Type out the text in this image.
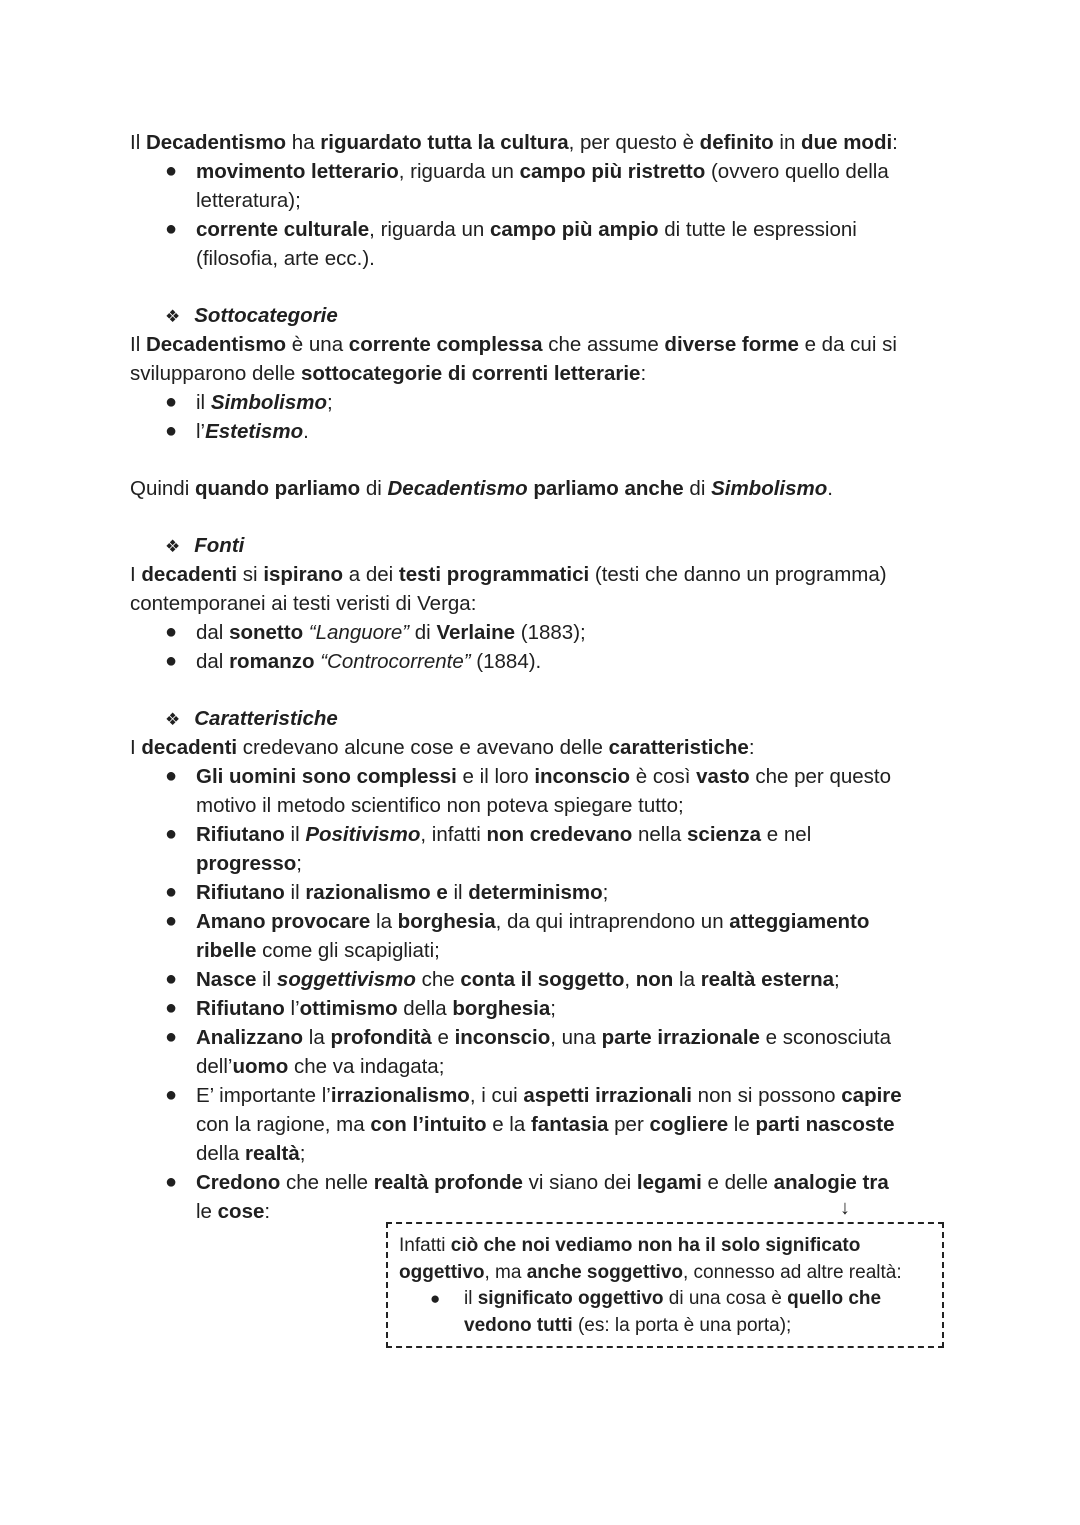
Il Decadentismo ha riguardato tutta la cultura, per questo è definito in due modi:
● movimento letterario, riguarda un campo più ristretto (ovvero quello della
letteratura);
● corrente culturale, riguarda un campo più ampio di tutte le espressioni
(filosofia, arte ecc.).
❖ Sottocategorie
Il Decadentismo è una corrente complessa che assume diverse forme e da cui si
svilupparono delle sottocategorie di correnti letterarie:
● il Simbolismo;
● l’Estetismo.
Quindi quando parliamo di Decadentismo parliamo anche di Simbolismo.
❖ Fonti
I decadenti si ispirano a dei testi programmatici (testi che danno un programma)
contemporanei ai testi veristi di Verga:
● dal sonetto “Languore” di Verlaine (1883);
● dal romanzo “Controcorrente” (1884).
❖ Caratteristiche
I decadenti credevano alcune cose e avevano delle caratteristiche:
● Gli uomini sono complessi e il loro inconscio è così vasto che per questo
motivo il metodo scientifico non poteva spiegare tutto;
● Rifiutano il Positivismo, infatti non credevano nella scienza e nel
progresso;
● Rifiutano il razionalismo e il determinismo;
● Amano provocare la borghesia, da qui intraprendono un atteggiamento
ribelle come gli scapigliati;
● Nasce il soggettivismo che conta il soggetto, non la realtà esterna;
● Rifiutano l’ottimismo della borghesia;
● Analizzano la profondità e inconscio, una parte irrazionale e sconosciuta
dell’uomo che va indagata;
● E’ importante l’irrazionalismo, i cui aspetti irrazionali non si possono capire
con la ragione, ma con l’intuito e la fantasia per cogliere le parti nascoste
della realtà;
● Credono che nelle realtà profonde vi siano dei legami e delle analogie tra
le cose:	↓
Infatti ciò che noi vediamo non ha il solo significato
oggettivo, ma anche soggettivo, connesso ad altre realtà:
● il significato oggettivo di una cosa è quello che
vedono tutti (es: la porta è una porta);
